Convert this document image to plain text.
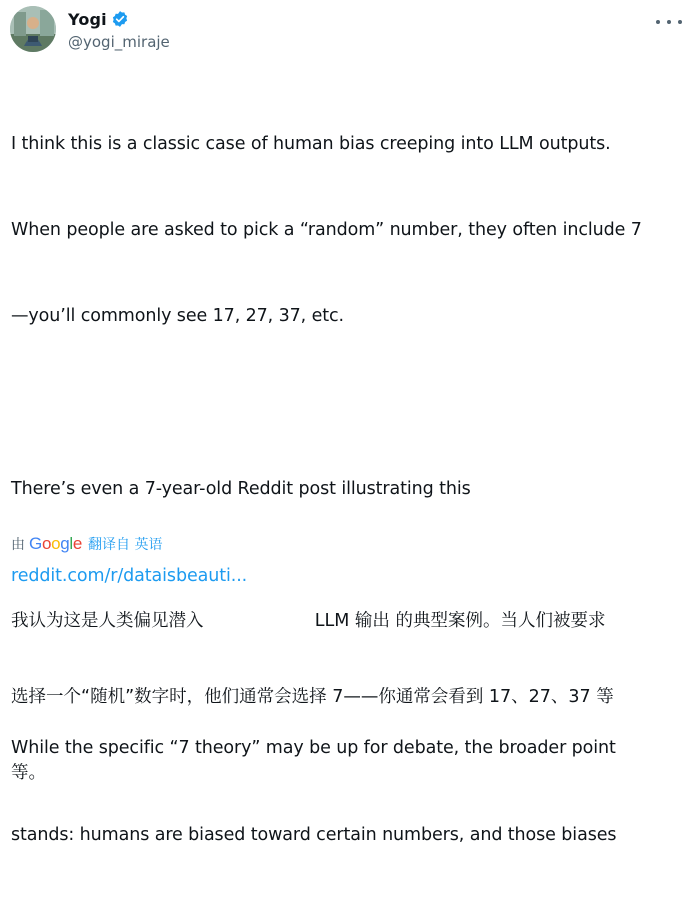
Yogi
@yogi_miraje

I think this is a classic case of human bias creeping into LLM outputs.

When people are asked to pick a “random” number, they often include 7

—you’ll commonly see 17, 27, 37, etc.

There’s even a 7-year-old Reddit post illustrating this

reddit.com/r/dataisbeauti...

While the specific “7 theory” may be up for debate, the broader point

stands: humans are biased toward certain numbers, and those biases

由 Google 翻译自 英语

我认为这是人类偏见潜入                    LLM 输出 的典型案例。当人们被要求

选择一个“随机”数字时，他们通常会选择 7——你通常会看到 17、27、37 等

等。
